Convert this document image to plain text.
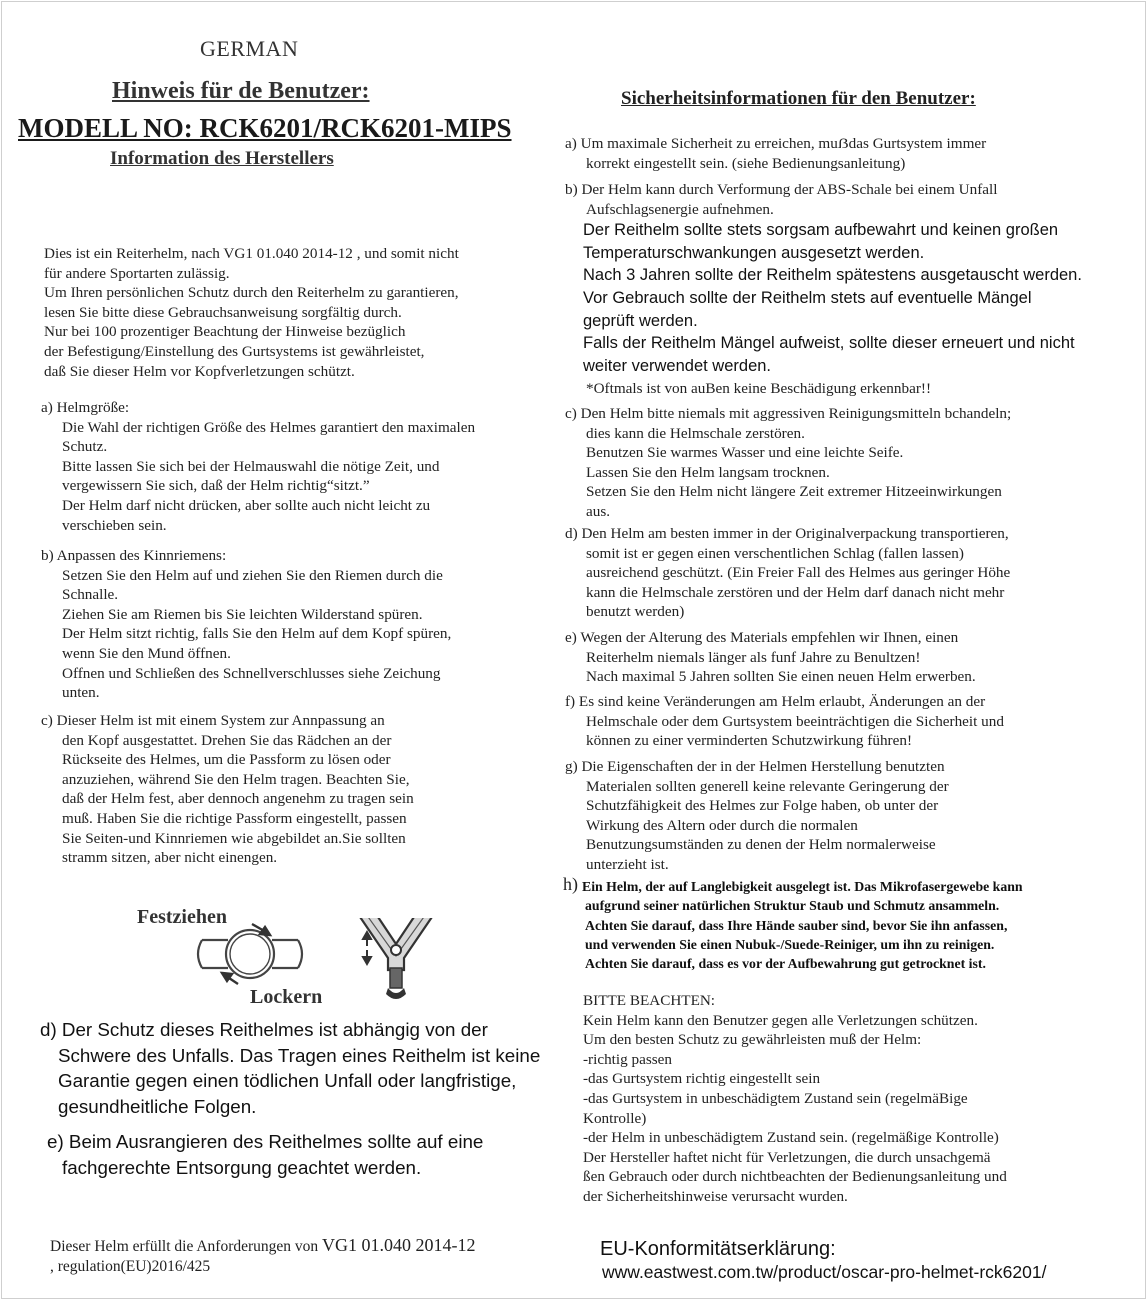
GERMAN
Hinweis für de Benutzer:
MODELL NO: RCK6201/RCK6201-MIPS
Information des Herstellers
Sicherheitsinformationen für den Benutzer:
Dies ist ein Reiterhelm, nach VG1 01.040 2014-12 , und somit nicht
für andere Sportarten zulässig.
Um Ihren persönlichen Schutz durch den Reiterhelm zu garantieren,
lesen Sie bitte diese Gebrauchsanweisung sorgfältig durch.
Nur bei 100 prozentiger Beachtung der Hinweise bezüglich
der Befestigung/Einstellung des Gurtsystems ist gewährleistet,
daß Sie dieser Helm vor Kopfverletzungen schützt.
a) Helmgröße:
Die Wahl der richtigen Größe des Helmes garantiert den maximalen
Schutz.
Bitte lassen Sie sich bei der Helmauswahl die nötige Zeit, und
vergewissern Sie sich, daß der Helm richtig“sitzt.”
Der Helm darf nicht drücken, aber sollte auch nicht leicht zu
verschieben sein.
b) Anpassen des Kinnriemens:
Setzen Sie den Helm auf und ziehen Sie den Riemen durch die
Schnalle.
Ziehen Sie am Riemen bis Sie leichten Wilderstand spüren.
Der Helm sitzt richtig, falls Sie den Helm auf dem Kopf spüren,
wenn Sie den Mund öffnen.
Offnen und Schließen des Schnellverschlusses siehe Zeichung
unten.
c) Dieser Helm ist mit einem System zur Annpassung an
den Kopf ausgestattet. Drehen Sie das Rädchen an der
Rückseite des Helmes, um die Passform zu lösen oder
anzuziehen, während Sie den Helm tragen. Beachten Sie,
daß der Helm fest, aber dennoch angenehm zu tragen sein
muß. Haben Sie die richtige Passform eingestellt, passen
Sie Seiten-und Kinnriemen wie abgebildet an.Sie sollten
stramm sitzen, aber nicht einengen.
Festziehen
Lockern
d) Der Schutz dieses Reithelmes ist abhängig von der
Schwere des Unfalls. Das Tragen eines Reithelm ist keine
Garantie gegen einen tödlichen Unfall oder langfristige,
gesundheitliche Folgen.
e) Beim Ausrangieren des Reithelmes sollte auf eine
fachgerechte Entsorgung geachtet werden.
Dieser Helm erfüllt die Anforderungen von VG1 01.040 2014-12
, regulation(EU)2016/425
a) Um maximale Sicherheit zu erreichen, muẞdas Gurtsystem immer
korrekt eingestellt sein. (siehe Bedienungsanleitung)
b) Der Helm kann durch Verformung der ABS-Schale bei einem Unfall
Aufschlagsenergie aufnehmen.
Der Reithelm sollte stets sorgsam aufbewahrt und keinen großen
Temperaturschwankungen ausgesetzt werden.
Nach 3 Jahren sollte der Reithelm spätestens ausgetauscht werden.
Vor Gebrauch sollte der Reithelm stets auf eventuelle Mängel
geprüft werden.
Falls der Reithelm Mängel aufweist, sollte dieser erneuert und nicht
weiter verwendet werden.
*Oftmals ist von auBen keine Beschädigung erkennbar!!
c) Den Helm bitte niemals mit aggressiven Reinigungsmitteln bchandeln;
dies kann die Helmschale zerstören.
Benutzen Sie warmes Wasser und eine leichte Seife.
Lassen Sie den Helm langsam trocknen.
Setzen Sie den Helm nicht längere Zeit extremer Hitzeeinwirkungen
aus.
d) Den Helm am besten immer in der Originalverpackung transportieren,
somit ist er gegen einen verschentlichen Schlag (fallen lassen)
ausreichend geschützt. (Ein Freier Fall des Helmes aus geringer Höhe
kann die Helmschale zerstören und der Helm darf danach nicht mehr
benutzt werden)
e) Wegen der Alterung des Materials empfehlen wir Ihnen, einen
Reiterhelm niemals länger als funf Jahre zu Benultzen!
Nach maximal 5 Jahren sollten Sie einen neuen Helm erwerben.
f) Es sind keine Veränderungen am Helm erlaubt, Änderungen an der
Helmschale oder dem Gurtsystem beeinträchtigen die Sicherheit und
können zu einer verminderten Schutzwirkung führen!
g) Die Eigenschaften der in der Helmen Herstellung benutzten
Materialen sollten generell keine relevante Geringerung der
Schutzfähigkeit des Helmes zur Folge haben, ob unter der
Wirkung des Altern oder durch die normalen
Benutzungsumständen zu denen der Helm normalerweise
unterzieht ist.
h) Ein Helm, der auf Langlebigkeit ausgelegt ist. Das Mikrofasergewebe kann
aufgrund seiner natürlichen Struktur Staub und Schmutz ansammeln.
Achten Sie darauf, dass Ihre Hände sauber sind, bevor Sie ihn anfassen,
und verwenden Sie einen Nubuk-/Suede-Reiniger, um ihn zu reinigen.
Achten Sie darauf, dass es vor der Aufbewahrung gut getrocknet ist.
BITTE BEACHTEN:
Kein Helm kann den Benutzer gegen alle Verletzungen schützen.
Um den besten Schutz zu gewährleisten muß der Helm:
-richtig passen
-das Gurtsystem richtig eingestellt sein
-das Gurtsystem in unbeschädigtem Zustand sein (regelmäBige
Kontrolle)
-der Helm in unbeschädigtem Zustand sein. (regelmäßige Kontrolle)
Der Hersteller haftet nicht für Verletzungen, die durch unsachgemä
ßen Gebrauch oder durch nichtbeachten der Bedienungsanleitung und
der Sicherheitshinweise verursacht wurden.
EU-Konformitätserklärung:
www.eastwest.com.tw/product/oscar-pro-helmet-rck6201/
